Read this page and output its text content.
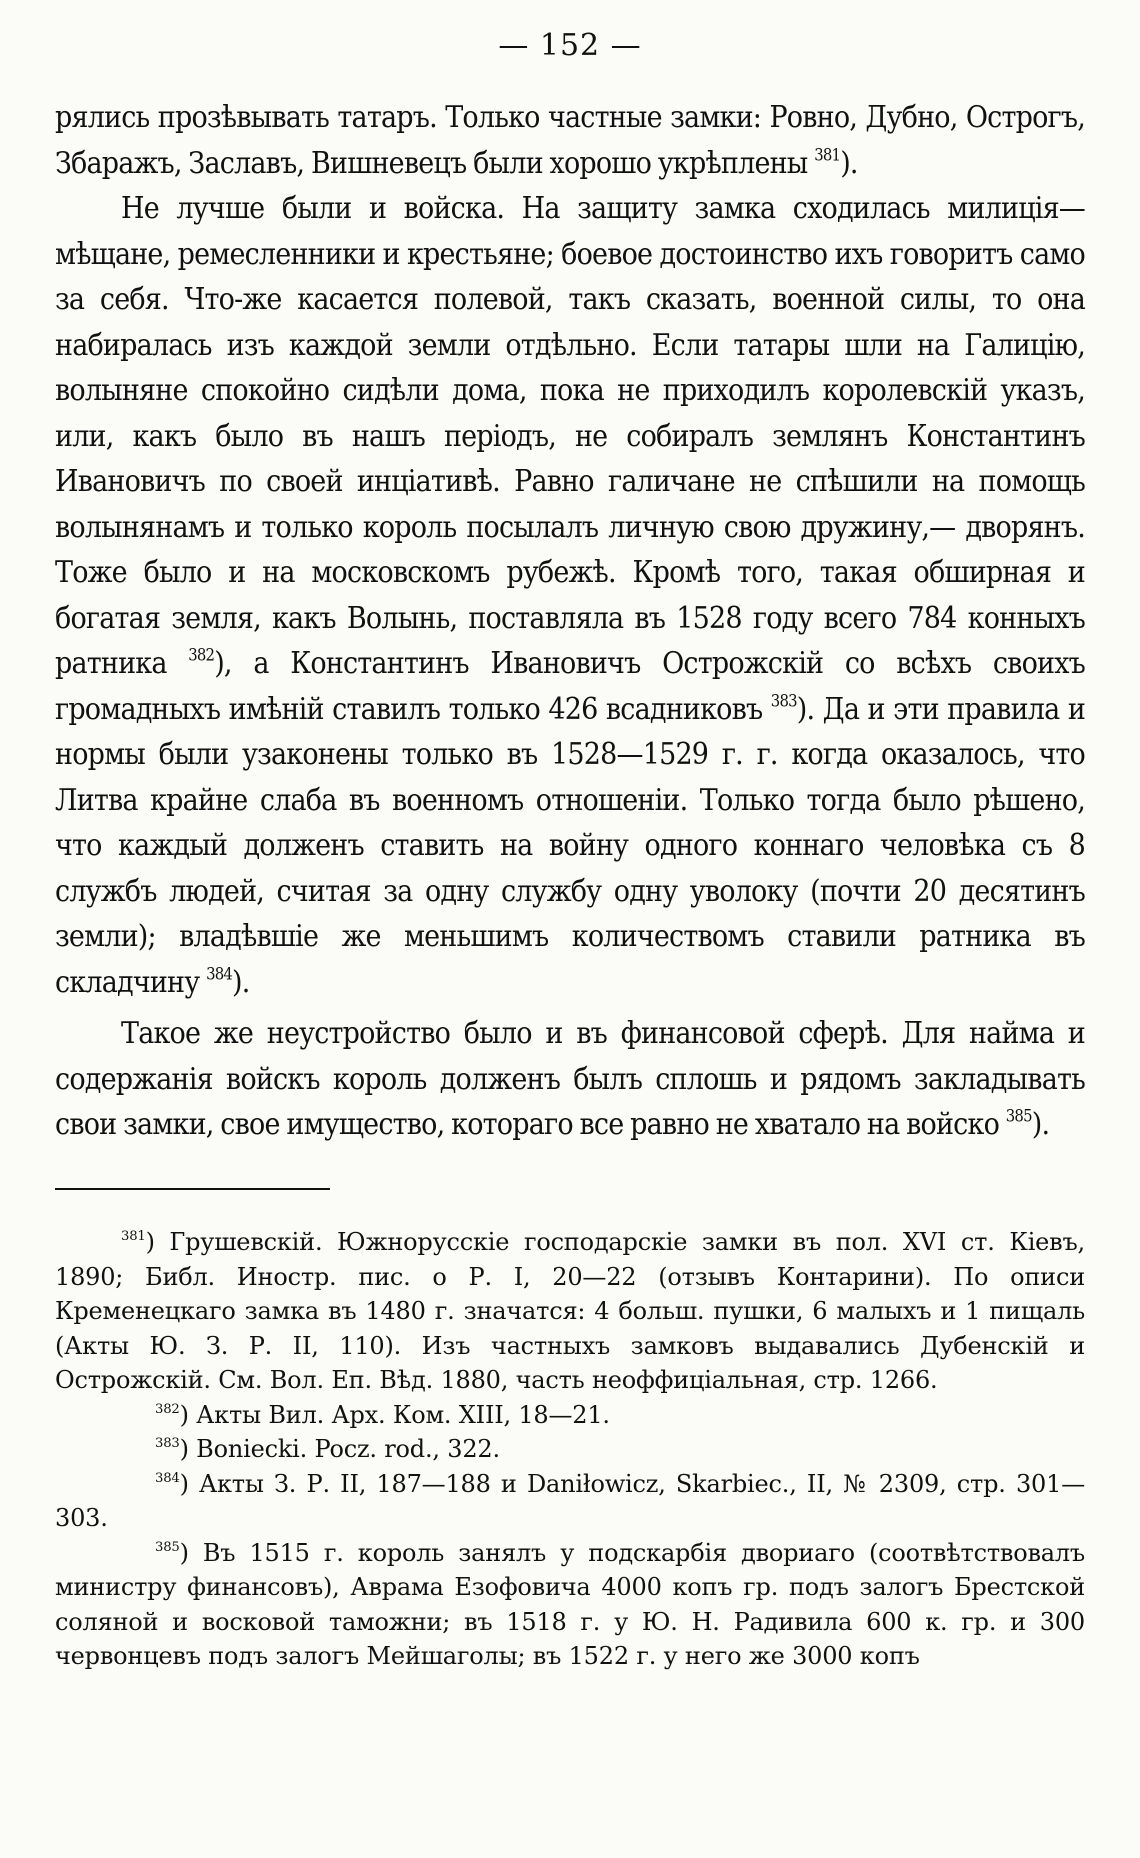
— 152 —

рялись прозѣвывать татаръ. Только частные замки: Ровно, Дубно, Острогъ, Збаражъ, Заславъ, Вишневецъ были хорошо укрѣплены $^{381}$).

Не лучше были и войска. На защиту замка сходилась милиція— мѣщане, ремесленники и крестьяне; боевое достоинство ихъ говоритъ само за себя. Что-же касается полевой, такъ сказать, военной силы, то она набиралась изъ каждой земли отдѣльно. Если татары шли на Галицію, волыняне спокойно сидѣли дома, пока не приходилъ королевскій указъ, или, какъ было въ нашъ періодъ, не собиралъ землянъ Константинъ Ивановичъ по своей инціативѣ. Равно галичане не спѣшили на помощь волынянамъ и только король посылалъ личную свою дружину,— дворянъ. Тоже было и на московскомъ рубежѣ. Кромѣ того, такая обширная и богатая земля, какъ Волынь, поставляла въ 1528 году всего 784 конныхъ ратника $^{382}$), а Константинъ Ивановичъ Острожскій со всѣхъ своихъ громадныхъ имѣній ставилъ только 426 всадниковъ $^{383}$). Да и эти правила и нормы были узаконены только въ 1528—1529 г. г. когда оказалось, что Литва крайне слаба въ военномъ отношеніи. Только тогда было рѣшено, что каждый долженъ ставить на войну одного коннаго человѣка съ 8 службъ людей, считая за одну службу одну уволоку (почти 20 десятинъ земли); владѣвшіе же меньшимъ количествомъ ставили ратника въ складчину $^{384}$).

Такое же неустройство было и въ финансовой сферѣ. Для найма и содержанія войскъ король долженъ былъ сплошь и рядомъ закладывать свои замки, свое имущество, котораго все равно не хватало на войско $^{385}$).

$^{381}$) Грушевскій. Южнорусскіе господарскіе замки въ пол. XVI ст. Кіевъ, 1890; Библ. Иностр. пис. о Р. I, 20—22 (отзывъ Контарини). По описи Кременецкаго замка въ 1480 г. значатся: 4 больш. пушки, 6 малыхъ и 1 пищаль (Акты Ю. З. Р. II, 110). Изъ частныхъ замковъ выдавались Дубенскій и Острожскій. См. Вол. Еп. Вѣд. 1880, часть неоффиціальная, стр. 1266.

$^{382}$) Акты Вил. Арх. Ком. XIII, 18—21.

$^{383}$) Boniecki. Pocz. rod., 322.

$^{384}$) Акты З. Р. II, 187—188 и Daniłowicz, Skarbiec., II, № 2309, стр. 301—303.

$^{385}$) Въ 1515 г. король занялъ у подскарбія двориаго (соотвѣтствовалъ министру финансовъ), Аврама Езофовича 4000 копъ гр. подъ залогъ Брестской соляной и восковой таможни; въ 1518 г. у Ю. Н. Радивила 600 к. гр. и 300 червонцевъ подъ залогъ Мейшаголы; въ 1522 г. у него же 3000 копъ
